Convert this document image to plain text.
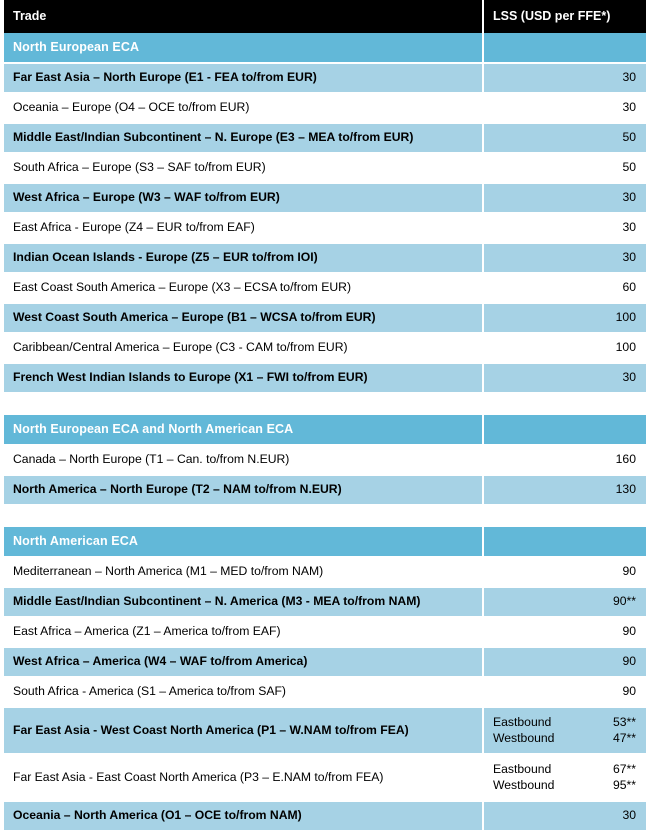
Trade	LSS (USD per FFE*)
North European ECA	
Far East Asia – North Europe (E1 - FEA to/from EUR)	30
Oceania – Europe (O4 – OCE to/from EUR)	30
Middle East/Indian Subcontinent – N. Europe (E3 – MEA to/from EUR)	50
South Africa – Europe (S3 – SAF to/from EUR)	50
West Africa – Europe (W3 – WAF to/from EUR)	30
East Africa - Europe (Z4 – EUR to/from EAF)	30
Indian Ocean Islands - Europe (Z5 – EUR to/from IOI)	30
East Coast South America – Europe (X3 – ECSA to/from EUR)	60
West Coast South America – Europe (B1 – WCSA to/from EUR)	100
Caribbean/Central America – Europe (C3 - CAM to/from EUR)	100
French West Indian Islands to Europe (X1 – FWI to/from EUR)	30

North European ECA and North American ECA	
Canada – North Europe (T1 – Can. to/from N.EUR)	160
North America – North Europe (T2 – NAM to/from N.EUR)	130

North American ECA	
Mediterranean – North America (M1 – MED to/from NAM)	90
Middle East/Indian Subcontinent – N. America (M3 - MEA to/from NAM)	90**
East Africa – America (Z1 – America to/from EAF)	90
West Africa – America (W4 – WAF to/from America)	90
South Africa - America (S1 – America to/from SAF)	90
Far East Asia - West Coast North America (P1 – W.NAM to/from FEA)	Eastbound 53**
Westbound 47**

Far East Asia - East Coast North America (P3 – E.NAM to/from FEA)	Eastbound 67**
Westbound 95**

Oceania – North America (O1 – OCE to/from NAM)	30
